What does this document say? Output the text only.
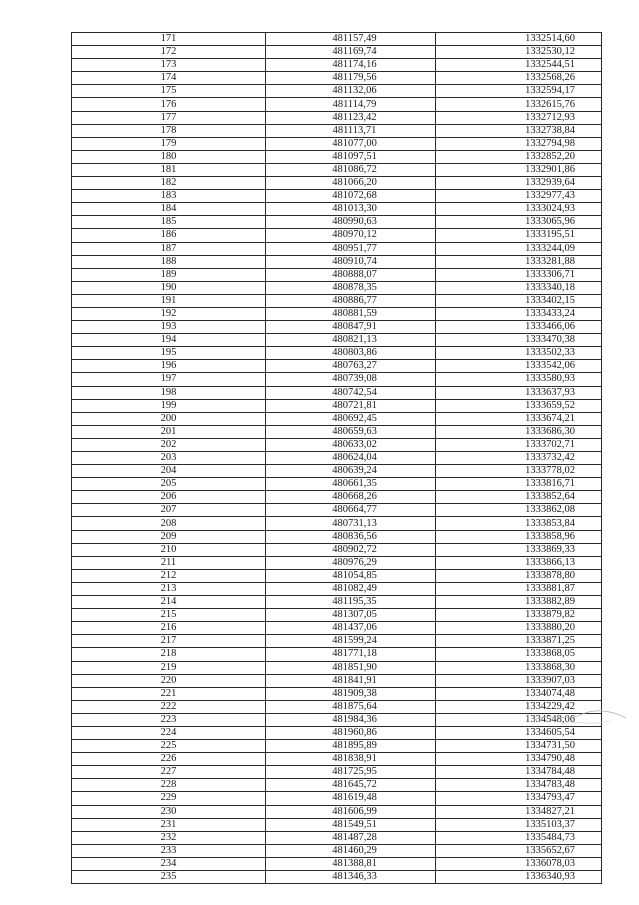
171	481157,49	1332514,60
172	481169,74	1332530,12
173	481174,16	1332544,51
174	481179,56	1332568,26
175	481132,06	1332594,17
176	481114,79	1332615,76
177	481123,42	1332712,93
178	481113,71	1332738,84
179	481077,00	1332794,98
180	481097,51	1332852,20
181	481086,72	1332901,86
182	481066,20	1332939,64
183	481072,68	1332977,43
184	481013,30	1333024,93
185	480990,63	1333065,96
186	480970,12	1333195,51
187	480951,77	1333244,09
188	480910,74	1333281,88
189	480888,07	1333306,71
190	480878,35	1333340,18
191	480886,77	1333402,15
192	480881,59	1333433,24
193	480847,91	1333466,06
194	480821,13	1333470,38
195	480803,86	1333502,33
196	480763,27	1333542,06
197	480739,08	1333580,93
198	480742,54	1333637,93
199	480721,81	1333659,52
200	480692,45	1333674,21
201	480659,63	1333686,30
202	480633,02	1333702,71
203	480624,04	1333732,42
204	480639,24	1333778,02
205	480661,35	1333816,71
206	480668,26	1333852,64
207	480664,77	1333862,08
208	480731,13	1333853,84
209	480836,56	1333858,96
210	480902,72	1333869,33
211	480976,29	1333866,13
212	481054,85	1333878,80
213	481082,49	1333881,87
214	481195,35	1333882,89
215	481307,05	1333879,82
216	481437,06	1333880,20
217	481599,24	1333871,25
218	481771,18	1333868,05
219	481851,90	1333868,30
220	481841,91	1333907,03
221	481909,38	1334074,48
222	481875,64	1334229,42
223	481984,36	1334548,06
224	481960,86	1334605,54
225	481895,89	1334731,50
226	481838,91	1334790,48
227	481725,95	1334784,48
228	481645,72	1334783,48
229	481619,48	1334793,47
230	481606,99	1334827,21
231	481549,51	1335103,37
232	481487,28	1335484,73
233	481460,29	1335652,67
234	481388,81	1336078,03
235	481346,33	1336340,93
